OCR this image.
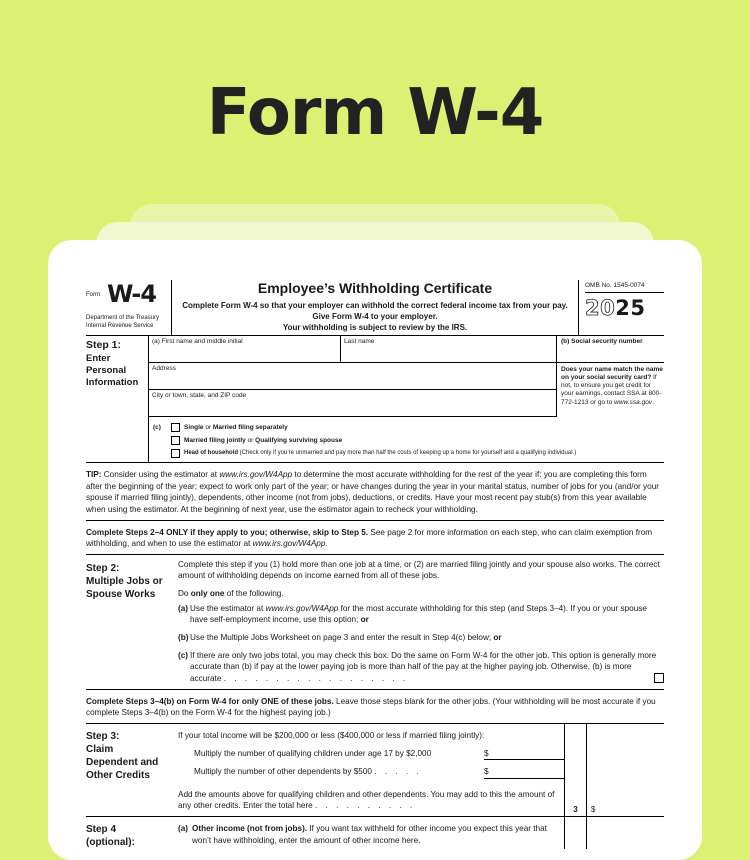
Form W-4
Form W-4
Department of the Treasury
Internal Revenue Service
Employee’s Withholding Certificate
Complete Form W-4 so that your employer can withhold the correct federal income tax from your pay.
Give Form W-4 to your employer.
Your withholding is subject to review by the IRS.
OMB No. 1545-0074
2025
Step 1:
Enter Personal Information
(a) First name and middle initial	Last name
Address
City or town, state, and ZIP code
(b) Social security number
Does your name match the name on your social security card? If not, to ensure you get credit for your earnings, contact SSA at 800-772-1213 or go to www.ssa.gov.
(c)	Single or Married filing separately
Married filing jointly or Qualifying surviving spouse
Head of household (Check only if you’re unmarried and pay more than half the costs of keeping up a home for yourself and a qualifying individual.)
TIP: Consider using the estimator at www.irs.gov/W4App to determine the most accurate withholding for the rest of the year if: you are completing this form after the beginning of the year; expect to work only part of the year; or have changes during the year in your marital status, number of jobs for you (and/or your spouse if married filing jointly), dependents, other income (not from jobs), deductions, or credits. Have your most recent pay stub(s) from this year available when using the estimator. At the beginning of next year, use the estimator again to recheck your withholding.
Complete Steps 2–4 ONLY if they apply to you; otherwise, skip to Step 5. See page 2 for more information on each step, who can claim exemption from withholding, and when to use the estimator at www.irs.gov/W4App.
Step 2:
Multiple Jobs or Spouse Works
Complete this step if you (1) hold more than one job at a time, or (2) are married filing jointly and your spouse also works. The correct amount of withholding depends on income earned from all of these jobs.
Do only one of the following.
(a) Use the estimator at www.irs.gov/W4App for the most accurate withholding for this step (and Steps 3–4). If you or your spouse have self-employment income, use this option; or
(b) Use the Multiple Jobs Worksheet on page 3 and enter the result in Step 4(c) below; or
(c) If there are only two jobs total, you may check this box. Do the same on Form W-4 for the other job. This option is generally more accurate than (b) if pay at the lower paying job is more than half of the pay at the higher paying job. Otherwise, (b) is more accurate . . . . . . . . . . . . . . . . . .
Complete Steps 3–4(b) on Form W-4 for only ONE of these jobs. Leave those steps blank for the other jobs. (Your withholding will be most accurate if you complete Steps 3–4(b) on the Form W-4 for the highest paying job.)
Step 3:
Claim Dependent and Other Credits
If your total income will be $200,000 or less ($400,000 or less if married filing jointly):
Multiply the number of qualifying children under age 17 by $2,000	$
Multiply the number of other dependents by $500 . . . . .	$
Add the amounts above for qualifying children and other dependents. You may add to this the amount of any other credits. Enter the total here . . . . . . . . . .	3	$
Step 4
(optional):
(a) Other income (not from jobs). If you want tax withheld for other income you expect this year that won’t have withholding, enter the amount of other income here.
